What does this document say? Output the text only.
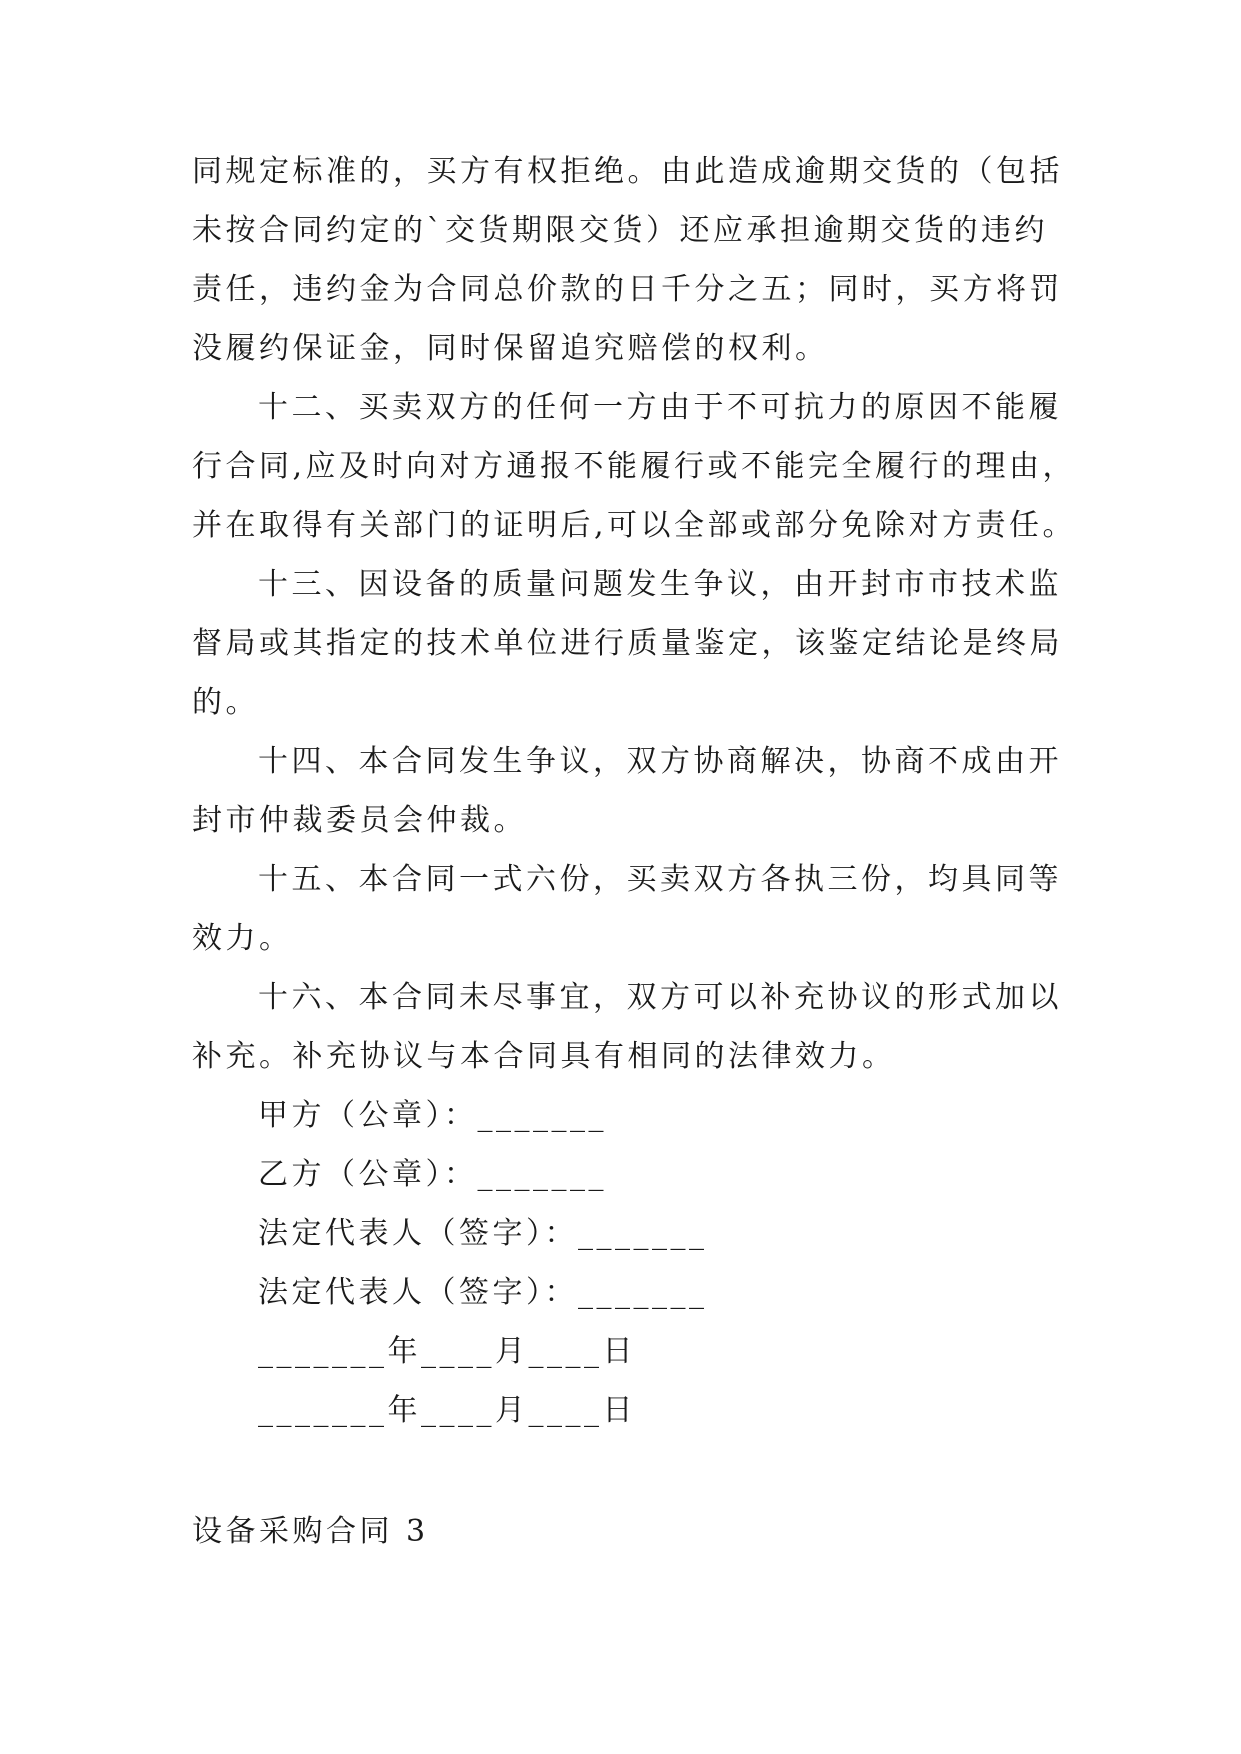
同规定标准的，买方有权拒绝。由此造成逾期交货的（包括
未按合同约定的`交货期限交货）还应承担逾期交货的违约
责任，违约金为合同总价款的日千分之五；同时，买方将罚
没履约保证金，同时保留追究赔偿的权利。
十二、买卖双方的任何一方由于不可抗力的原因不能履
行合同,应及时向对方通报不能履行或不能完全履行的理由，
并在取得有关部门的证明后,可以全部或部分免除对方责任。
十三、因设备的质量问题发生争议，由开封市市技术监
督局或其指定的技术单位进行质量鉴定，该鉴定结论是终局
的。
十四、本合同发生争议，双方协商解决，协商不成由开
封市仲裁委员会仲裁。
十五、本合同一式六份，买卖双方各执三份，均具同等
效力。
十六、本合同未尽事宜，双方可以补充协议的形式加以
补充。补充协议与本合同具有相同的法律效力。
甲方（公章）：_______
乙方（公章）：_______
法定代表人（签字）：_______
法定代表人（签字）：_______
_______年____月____日
_______年____月____日
设备采购合同 3
